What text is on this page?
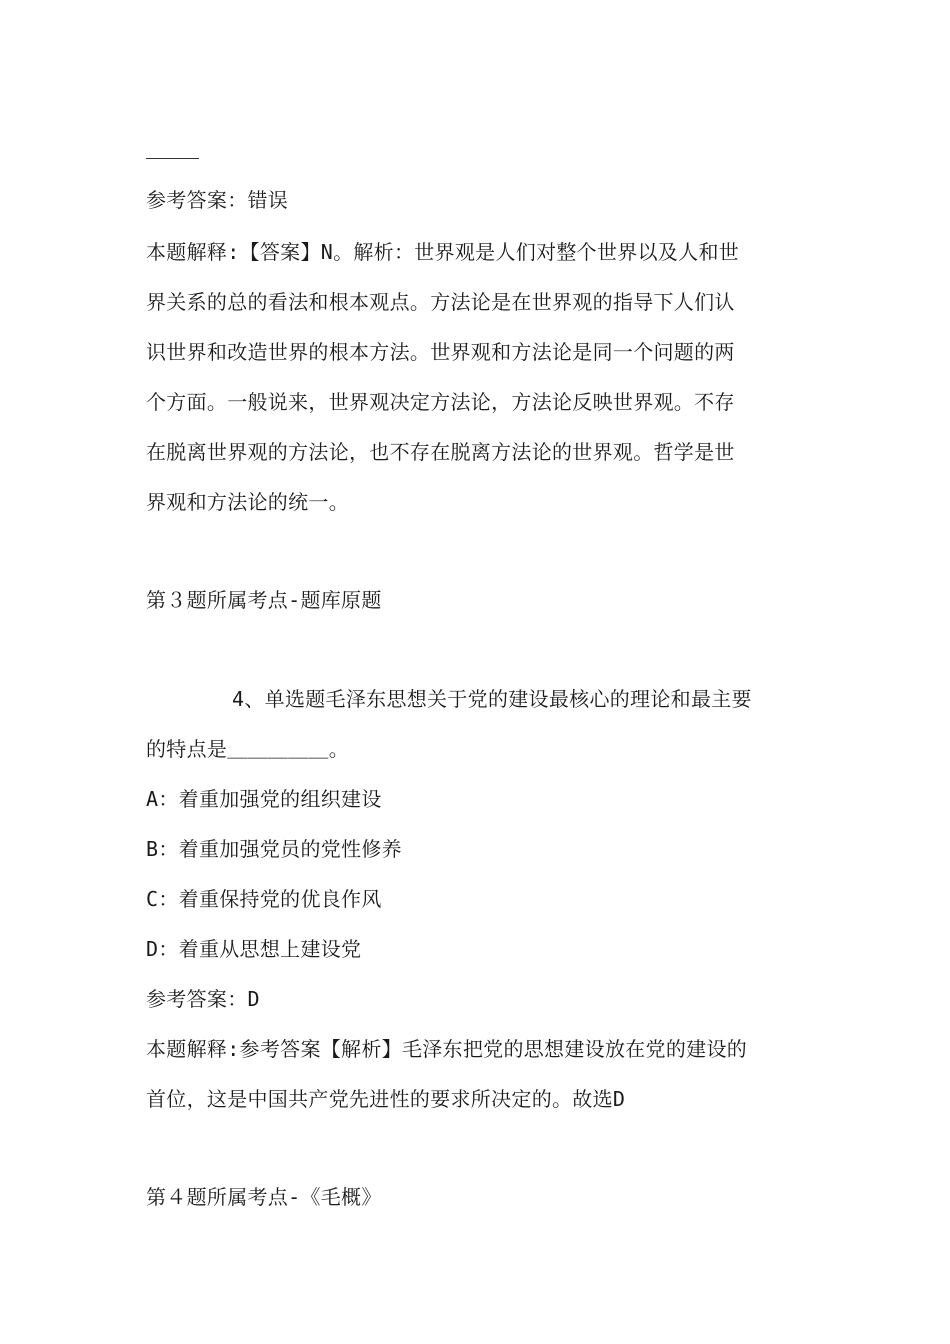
参考答案：错误

本题解释:【答案】N。解析：世界观是人们对整个世界以及人和世
界关系的总的看法和根本观点。方法论是在世界观的指导下人们认
识世界和改造世界的根本方法。世界观和方法论是同一个问题的两
个方面。一般说来，世界观决定方法论，方法论反映世界观。不存
在脱离世界观的方法论，也不存在脱离方法论的世界观。哲学是世
界观和方法论的统一。

第３题所属考点-题库原题

4、单选题毛泽东思想关于党的建设最核心的理论和最主要

的特点是＿＿＿＿＿。

A：着重加强党的组织建设

B：着重加强党员的党性修养

C：着重保持党的优良作风

D：着重从思想上建设党

参考答案：D

本题解释:参考答案【解析】毛泽东把党的思想建设放在党的建设的

首位，这是中国共产党先进性的要求所决定的。故选D

第４题所属考点-《毛概》
